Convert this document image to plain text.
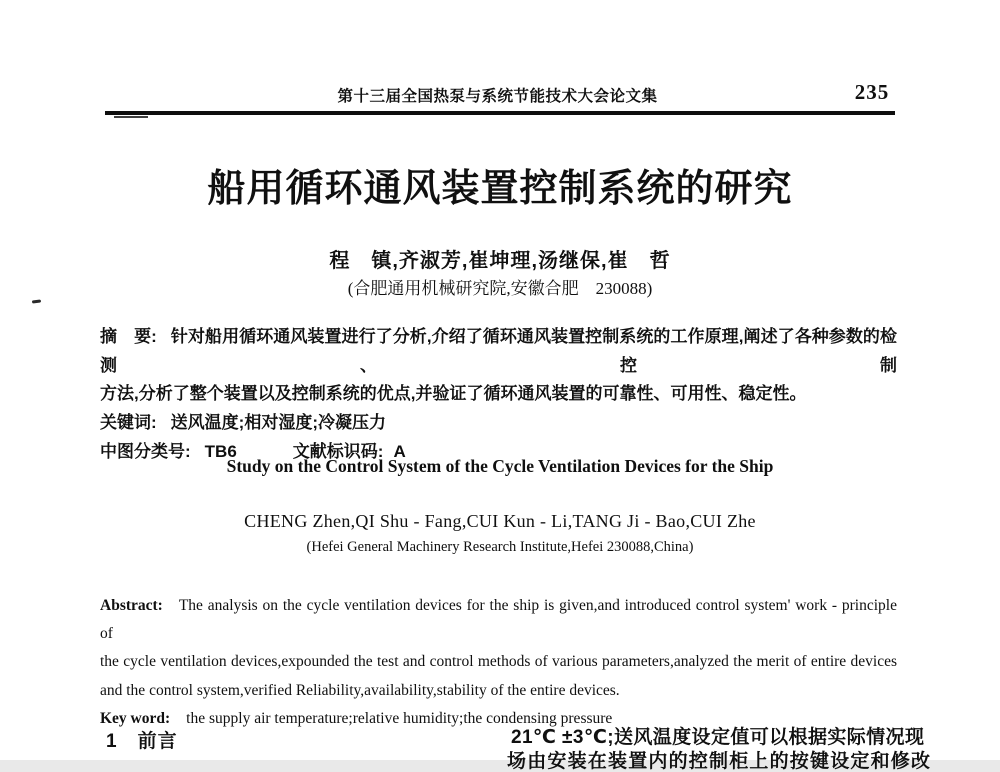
第十三届全国热泵与系统节能技术大会论文集	235
船用循环通风装置控制系统的研究
程　镇,齐淑芳,崔坤理,汤继保,崔　哲
(合肥通用机械研究院,安徽合肥　230088)
摘　要: 针对船用循环通风装置进行了分析,介绍了循环通风装置控制系统的工作原理,阐述了各种参数的检测、控制
方法,分析了整个装置以及控制系统的优点,并验证了循环通风装置的可靠性、可用性、稳定性。
关键词: 送风温度;相对湿度;冷凝压力
中图分类号: TB6	文献标识码: A
Study on the Control System of the Cycle Ventilation Devices for the Ship
CHENG Zhen,QI Shu - Fang,CUI Kun - Li,TANG Ji - Bao,CUI Zhe
(Hefei General Machinery Research Institute,Hefei 230088,China)
Abstract: The analysis on the cycle ventilation devices for the ship is given,and introduced control system' work - principle of
the cycle ventilation devices,expounded the test and control methods of various parameters,analyzed the merit of entire devices
and the control system,verified Reliability,availability,stability of the entire devices.
Key word: the supply air temperature;relative humidity;the condensing pressure
1　前言	21℃ ±3℃;送风温度设定值可以根据实际情况现
场由安装在装置内的控制柜上的按键设定和修改
